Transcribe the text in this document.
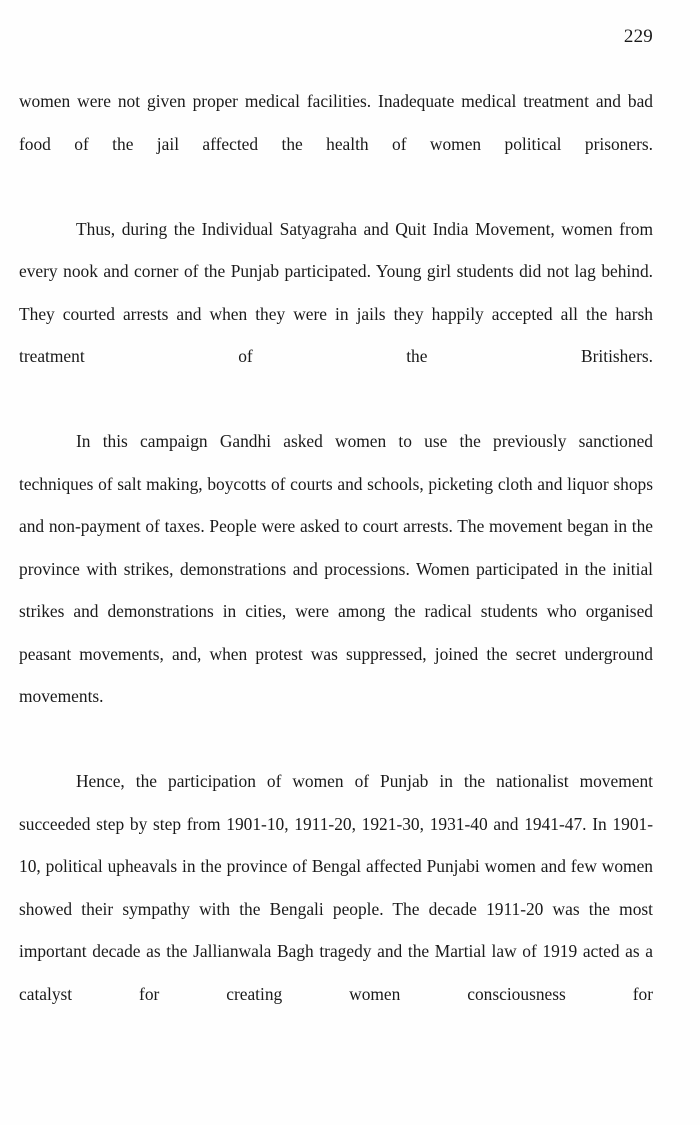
229

women were not given proper medical facilities. Inadequate medical treatment and bad food of the jail affected the health of women political prisoners.

Thus, during the Individual Satyagraha and Quit India Movement, women from every nook and corner of the Punjab participated. Young girl students did not lag behind. They courted arrests and when they were in jails they happily accepted all the harsh treatment of the Britishers.

In this campaign Gandhi asked women to use the previously sanctioned techniques of salt making, boycotts of courts and schools, picketing cloth and liquor shops and non-payment of taxes. People were asked to court arrests. The movement began in the province with strikes, demonstrations and processions. Women participated in the initial strikes and demonstrations in cities, were among the radical students who organised peasant movements, and, when protest was suppressed, joined the secret underground movements.

Hence, the participation of women of Punjab in the nationalist movement succeeded step by step from 1901-10, 1911-20, 1921-30, 1931-40 and 1941-47. In 1901-10, political upheavals in the province of Bengal affected Punjabi women and few women showed their sympathy with the Bengali people. The decade 1911-20 was the most important decade as the Jallianwala Bagh tragedy and the Martial law of 1919 acted as a catalyst for creating women consciousness for
